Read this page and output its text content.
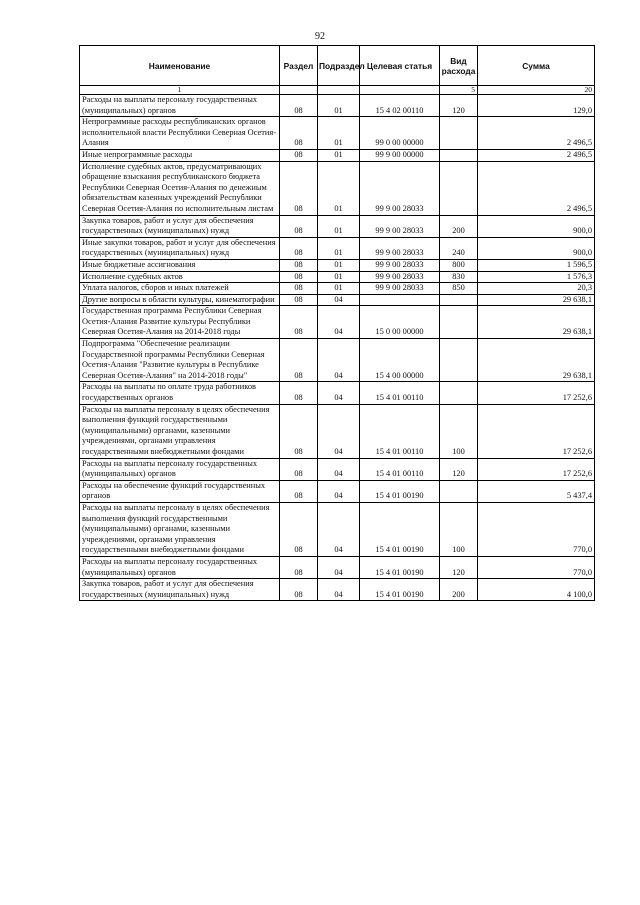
92
Наименование	Раздел	Подраздел	Целевая статья	Вид расхода	Сумма
1				5	20
Расходы на выплаты персоналу государственных (муниципальных) органов	08	01	15 4 02 00110	120	129,0
Непрограммные расходы республиканских органов исполнительной власти Республики Северная Осетия-Алания	08	01	99 0 00 00000		2 496,5
Иные непрограммные расходы	08	01	99 9 00 00000		2 496,5
Исполнение судебных актов, предусматривающих обращение взыскания республиканского бюджета Республики Северная Осетия-Алания по денежным обязательствам казенных учреждений Республики Северная Осетия-Алания по исполнительным листам	08	01	99 9 00 28033		2 496,5
Закупка товаров, работ и услуг для обеспечения государственных (муниципальных) нужд	08	01	99 9 00 28033	200	900,0
Иные закупки товаров, работ и услуг для обеспечения государственных (муниципальных) нужд	08	01	99 9 00 28033	240	900,0
Иные бюджетные ассигнования	08	01	99 9 00 28033	800	1 596,5
Исполнение судебных актов	08	01	99 9 00 28033	830	1 576,3
Уплата налогов, сборов и иных платежей	08	01	99 9 00 28033	850	20,3
Другие вопросы в области культуры, кинематографии	08	04			29 638,1
Государственная программа Республики Северная Осетия-Алания Развитие культуры Республики Северная Осетия-Алания на 2014-2018 годы	08	04	15 0 00 00000		29 638,1
Подпрограмма "Обеспечение реализации Государственной программы Республики Северная Осетия-Алания "Развитие культуры в Республике Северная Осетия-Алания" на 2014-2018 годы"	08	04	15 4 00 00000		29 638,1
Расходы на выплаты по оплате труда работников государственных органов	08	04	15 4 01 00110		17 252,6
Расходы на выплаты персоналу в целях обеспечения выполнения функций государственными (муниципальными) органами, казенными учреждениями, органами управления государственными внебюджетными фондами	08	04	15 4 01 00110	100	17 252,6
Расходы на выплаты персоналу государственных (муниципальных) органов	08	04	15 4 01 00110	120	17 252,6
Расходы на обеспечение функций государственных органов	08	04	15 4 01 00190		5 437,4
Расходы на выплаты персоналу в целях обеспечения выполнения функций государственными (муниципальными) органами, казенными учреждениями, органами управления государственными внебюджетными фондами	08	04	15 4 01 00190	100	770,0
Расходы на выплаты персоналу государственных (муниципальных) органов	08	04	15 4 01 00190	120	770,0
Закупка товаров, работ и услуг для обеспечения государственных (муниципальных) нужд	08	04	15 4 01 00190	200	4 100,0
